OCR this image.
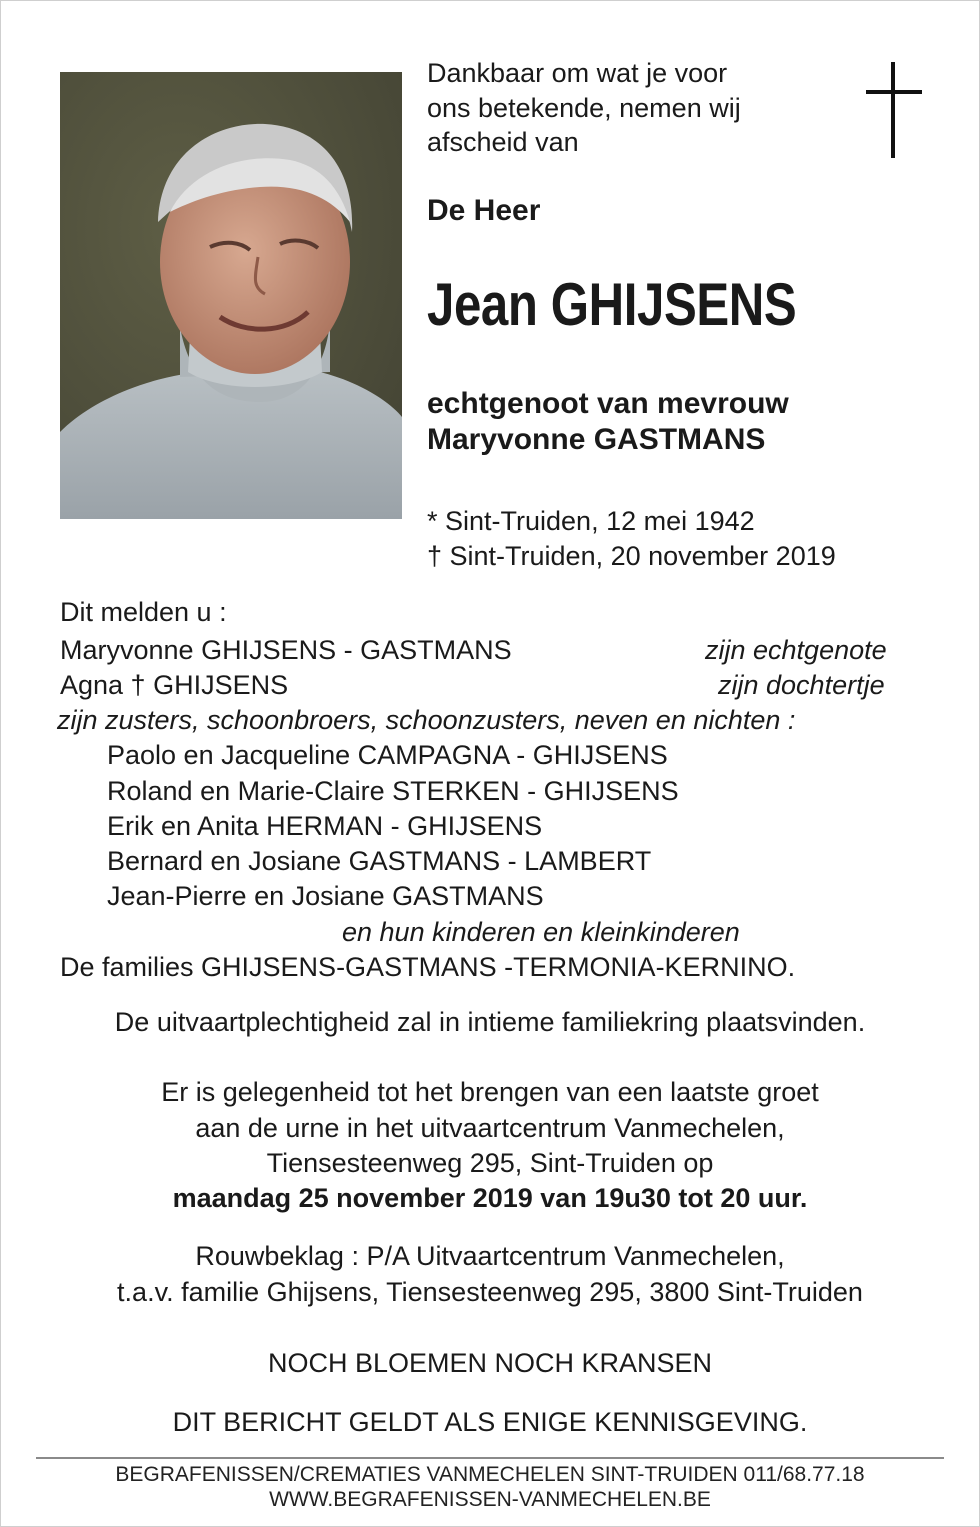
Dankbaar om wat je voor
ons betekende, nemen wij
afscheid van
De Heer
Jean GHIJSENS
echtgenoot van mevrouw
Maryvonne GASTMANS
* Sint-Truiden, 12 mei 1942
† Sint-Truiden, 20 november 2019
Dit melden u :
Maryvonne GHIJSENS - GASTMANS	zijn echtgenote
Agna † GHIJSENS	zijn dochtertje
zijn zusters, schoonbroers, schoonzusters, neven en nichten :
Paolo en Jacqueline CAMPAGNA - GHIJSENS
Roland en Marie-Claire STERKEN - GHIJSENS
Erik en Anita HERMAN - GHIJSENS
Bernard en Josiane GASTMANS - LAMBERT
Jean-Pierre en Josiane GASTMANS
en hun kinderen en kleinkinderen
De families GHIJSENS-GASTMANS -TERMONIA-KERNINO.
De uitvaartplechtigheid zal in intieme familiekring plaatsvinden.
Er is gelegenheid tot het brengen van een laatste groet
aan de urne in het uitvaartcentrum Vanmechelen,
Tiensesteenweg 295, Sint-Truiden op
maandag 25 november 2019 van 19u30 tot 20 uur.
Rouwbeklag : P/A Uitvaartcentrum Vanmechelen,
t.a.v. familie Ghijsens, Tiensesteenweg 295, 3800 Sint-Truiden
NOCH BLOEMEN NOCH KRANSEN
DIT BERICHT GELDT ALS ENIGE KENNISGEVING.
BEGRAFENISSEN/CREMATIES VANMECHELEN SINT-TRUIDEN 011/68.77.18
WWW.BEGRAFENISSEN-VANMECHELEN.BE
